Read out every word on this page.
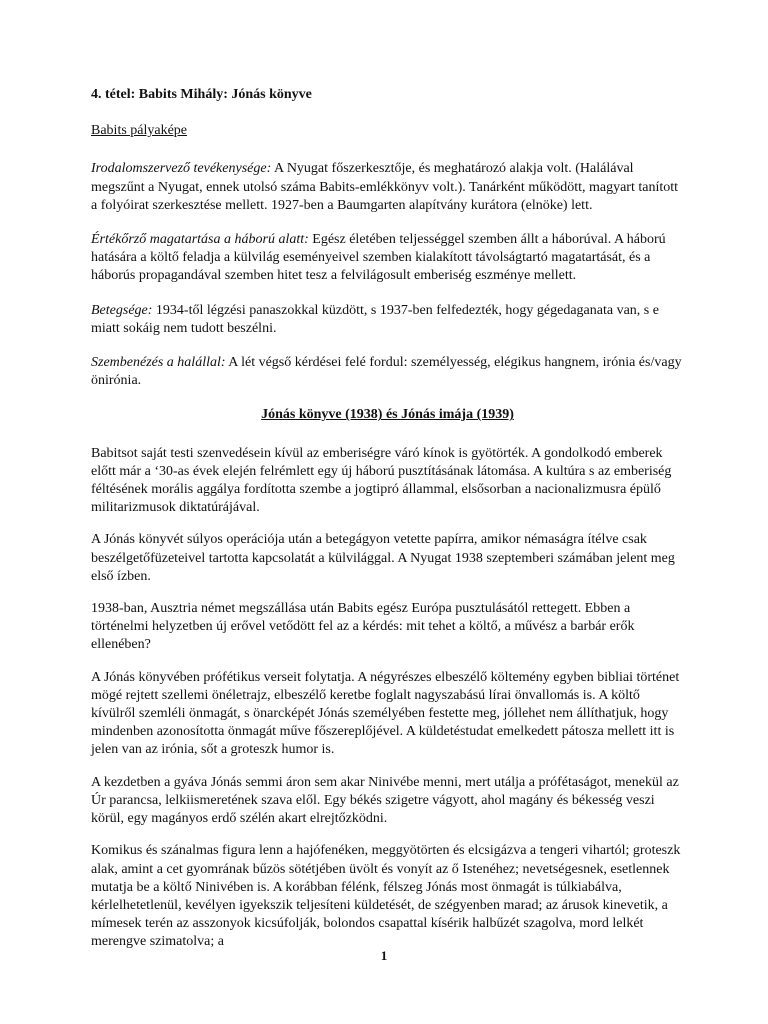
4. tétel: Babits Mihály: Jónás könyve

Babits pályaképe

Irodalomszervező tevékenysége: A Nyugat főszerkesztője, és meghatározó alakja volt. (Halálával megszűnt a Nyugat, ennek utolsó száma Babits-emlékkönyv volt.). Tanárként működött, magyart tanított a folyóirat szerkesztése mellett. 1927-ben a Baumgarten alapítvány kurátora (elnöke) lett.

Értékőrző magatartása a háború alatt: Egész életében teljességgel szemben állt a háborúval. A háború hatására a költő feladja a külvilág eseményeivel szemben kialakított távolságtartó magatartását, és a háborús propagandával szemben hitet tesz a felvilágosult emberiség eszménye mellett.

Betegsége: 1934-től légzési panaszokkal küzdött, s 1937-ben felfedezték, hogy gégedaganata van, s e miatt sokáig nem tudott beszélni.

Szembenézés a halállal: A lét végső kérdései felé fordul: személyesség, elégikus hangnem, irónia és/vagy önirónia.

Jónás könyve (1938) és Jónás imája (1939)

Babitsot saját testi szenvedésein kívül az emberiségre váró kínok is gyötörték. A gondolkodó emberek előtt már a ‘30-as évek elején felrémlett egy új háború pusztításának látomása. A kultúra s az emberiség féltésének morális aggálya fordította szembe a jogtipró állammal, elsősorban a nacionalizmusra épülő militarizmusok diktatúrájával.

A Jónás könyvét súlyos operációja után a betegágyon vetette papírra, amikor némaságra ítélve csak beszélgetőfüzeteivel tartotta kapcsolatát a külvilággal. A Nyugat 1938 szeptemberi számában jelent meg első ízben.

1938-ban, Ausztria német megszállása után Babits egész Európa pusztulásától rettegett. Ebben a történelmi helyzetben új erővel vetődött fel az a kérdés: mit tehet a költő, a művész a barbár erők ellenében?

A Jónás könyvében prófétikus verseit folytatja. A négyrészes elbeszélő költemény egyben bibliai történet mögé rejtett szellemi önéletrajz, elbeszélő keretbe foglalt nagyszabású lírai önvallomás is. A költő kívülről szemléli önmagát, s önarcképét Jónás személyében festette meg, jóllehet nem állíthatjuk, hogy mindenben azonosította önmagát műve főszereplőjével. A küldetéstudat emelkedett pátosza mellett itt is jelen van az irónia, sőt a groteszk humor is.

A kezdetben a gyáva Jónás semmi áron sem akar Ninivébe menni, mert utálja a prófétaságot, menekül az Úr parancsa, lelkiismeretének szava elől. Egy békés szigetre vágyott, ahol magány és békesség veszi körül, egy magányos erdő szélén akart elrejtőzködni.

Komikus és szánalmas figura lenn a hajófenéken, meggyötörten és elcsigázva a tengeri vihartól; groteszk alak, amint a cet gyomrának bűzös sötétjében üvölt és vonyít az ő Istenéhez; nevetségesnek, esetlennek mutatja be a költő Ninivében is. A korábban félénk, félszeg Jónás most önmagát is túlkiabálva, kérlelhetetlenül, kevélyen igyekszik teljesíteni küldetését, de szégyenben marad; az árusok kinevetik, a mímesek terén az asszonyok kicsúfolják, bolondos csapattal kísérik halbűzét szagolva, mord lelkét merengve szimatolva; a

1
